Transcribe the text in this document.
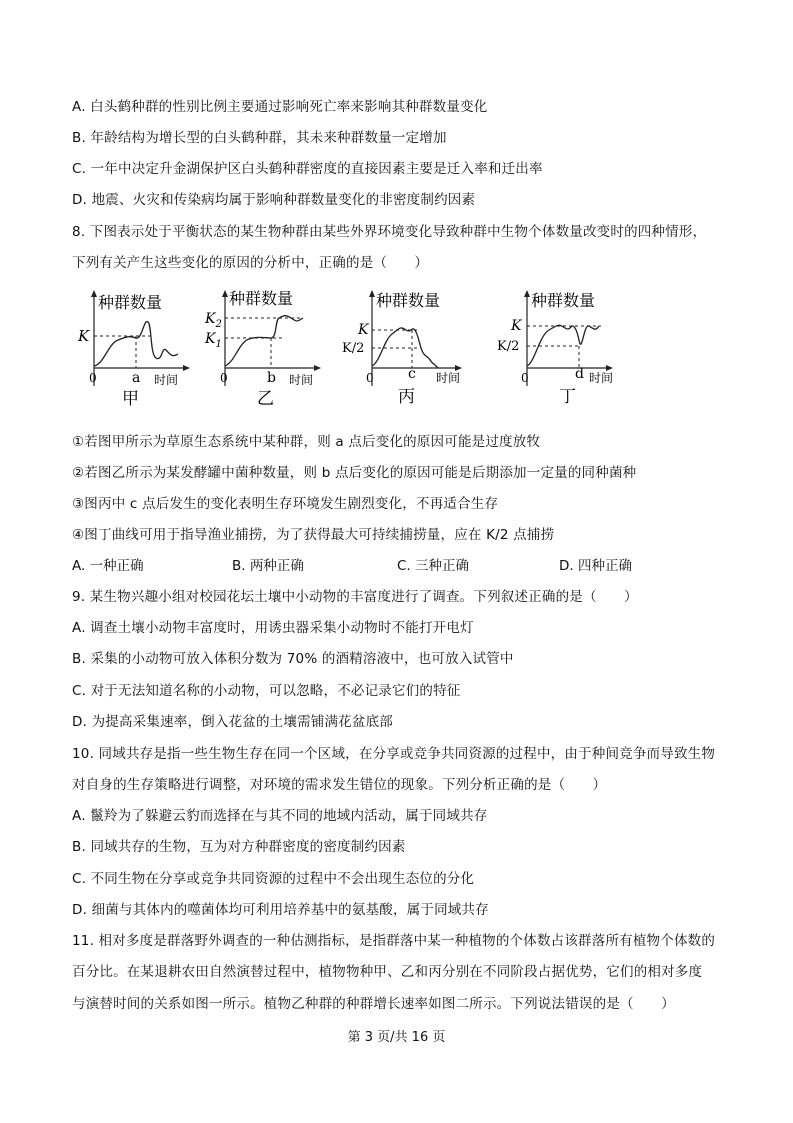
A. 白头鹤种群的性别比例主要通过影响死亡率来影响其种群数量变化
B. 年龄结构为增长型的白头鹤种群，其未来种群数量一定增加
C. 一年中决定升金湖保护区白头鹤种群密度的直接因素主要是迁入率和迁出率
D. 地震、火灾和传染病均属于影响种群数量变化的非密度制约因素
8. 下图表示处于平衡状态的某生物种群由某些外界环境变化导致种群中生物个体数量改变时的四种情形，
下列有关产生这些变化的原因的分析中，正确的是（　　）
种群数量
K
0	a 时间
甲
种群数量
$K_2$
$K_1$
0	b 时间
乙
种群数量
K
K/2
0 c 时间
丙
种群数量
K
K/2
0	d 时间
丁
①若图甲所示为草原生态系统中某种群，则 a 点后变化的原因可能是过度放牧
②若图乙所示为某发酵罐中菌种数量，则 b 点后变化的原因可能是后期添加一定量的同种菌种
③图丙中 c 点后发生的变化表明生存环境发生剧烈变化，不再适合生存
④图丁曲线可用于指导渔业捕捞，为了获得最大可持续捕捞量，应在 K/2 点捕捞
A. 一种正确	B. 两种正确	C. 三种正确	D. 四种正确
9. 某生物兴趣小组对校园花坛土壤中小动物的丰富度进行了调查。下列叙述正确的是（　　）
A. 调查土壤小动物丰富度时，用诱虫器采集小动物时不能打开电灯
B. 采集的小动物可放入体积分数为 70% 的酒精溶液中，也可放入试管中
C. 对于无法知道名称的小动物，可以忽略，不必记录它们的特征
D. 为提高采集速率，倒入花盆的土壤需铺满花盆底部
10. 同域共存是指一些生物生存在同一个区域，在分享或竞争共同资源的过程中，由于种间竞争而导致生物
对自身的生存策略进行调整，对环境的需求发生错位的现象。下列分析正确的是（　　）
A. 鬣羚为了躲避云豹而选择在与其不同的地域内活动，属于同域共存
B. 同域共存的生物，互为对方种群密度的密度制约因素
C. 不同生物在分享或竞争共同资源的过程中不会出现生态位的分化
D. 细菌与其体内的噬菌体均可利用培养基中的氨基酸，属于同域共存
11. 相对多度是群落野外调查的一种估测指标，是指群落中某一种植物的个体数占该群落所有植物个体数的
百分比。在某退耕农田自然演替过程中，植物物种甲、乙和丙分别在不同阶段占据优势，它们的相对多度
与演替时间的关系如图一所示。植物乙种群的种群增长速率如图二所示。下列说法错误的是（　　）
第 3 页/共 16 页
